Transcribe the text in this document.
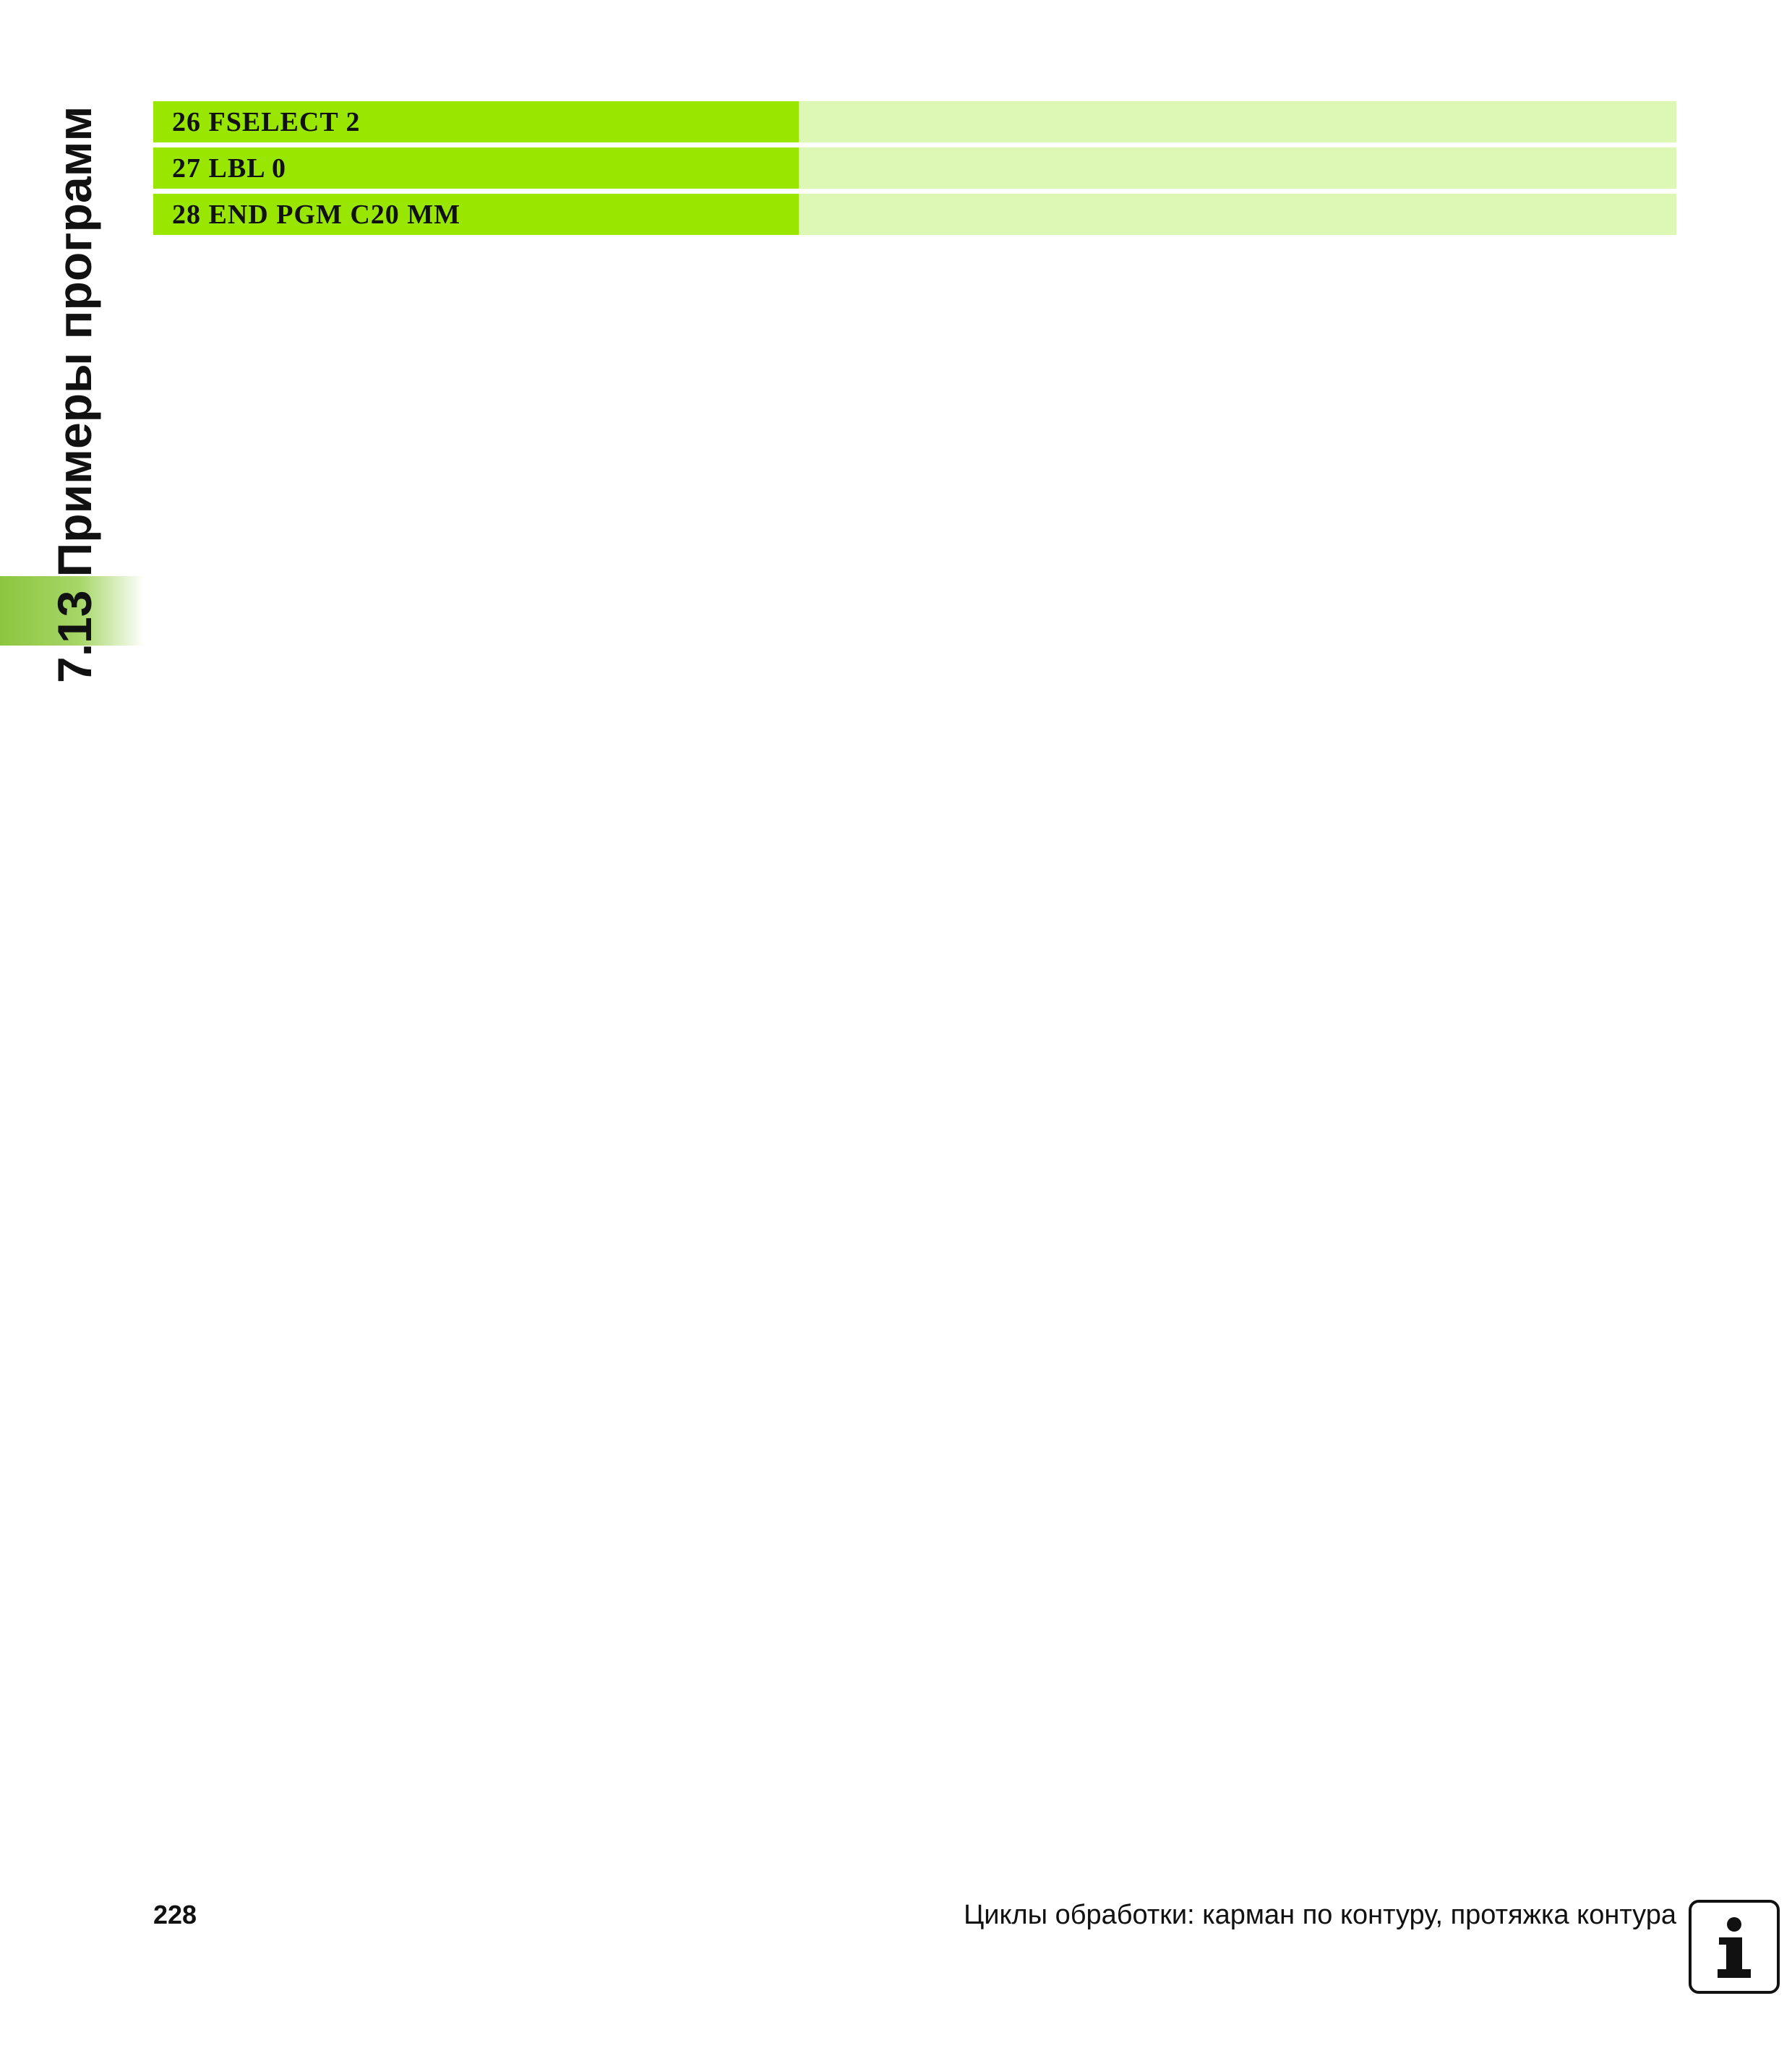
7.13 Примеры программ	26 FSELECT 2
27 LBL 0
28 END PGM C20 MM
228	Циклы обработки: карман по контуру, протяжка контура
